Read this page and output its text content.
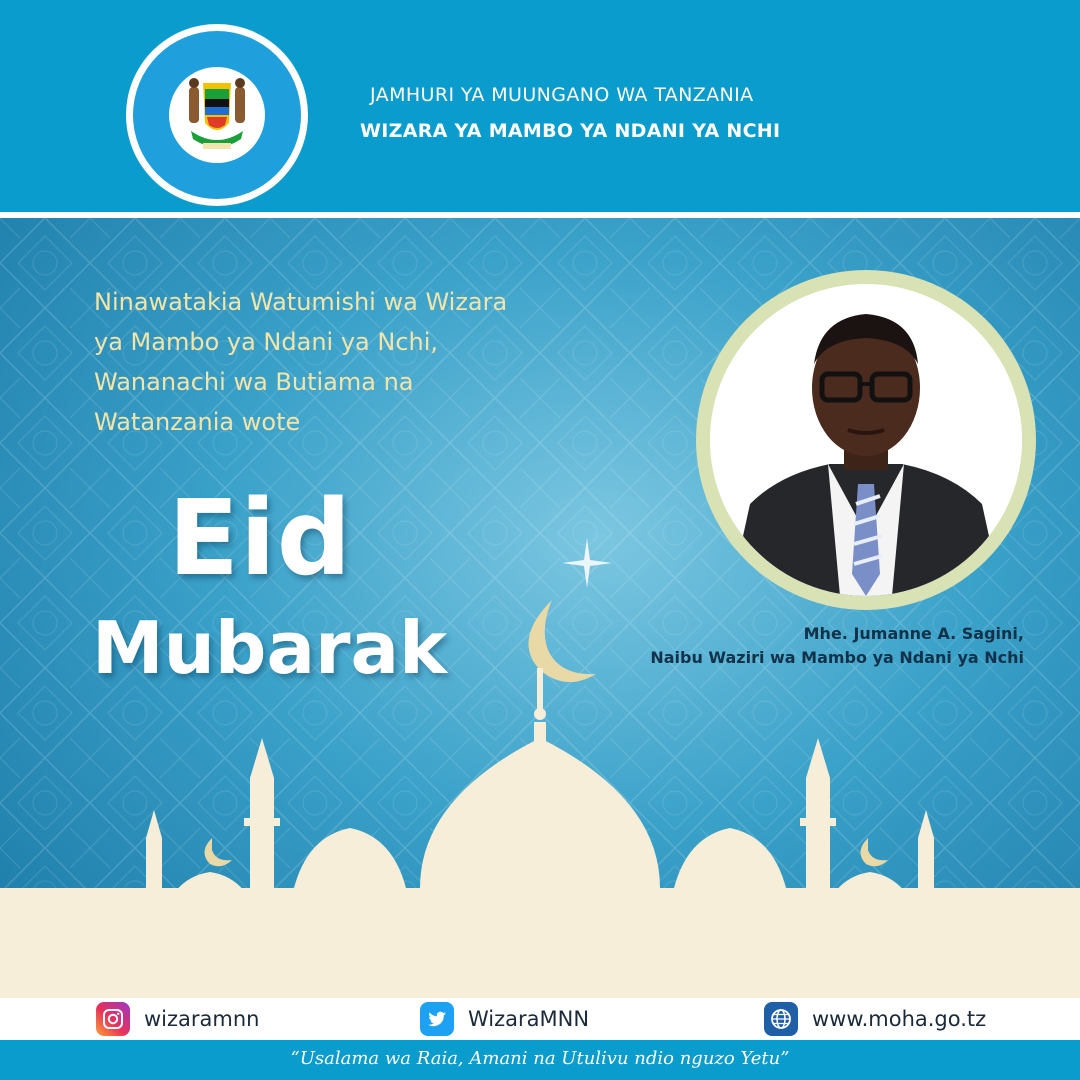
JAMHURI YA MUUNGANO WA TANZANIA
WIZARA YA MAMBO YA NDANI YA NCHI
Ninawatakia Watumishi wa Wizara
ya Mambo ya Ndani ya Nchi,
Wananachi wa Butiama na
Watanzania wote
Eid
Mubarak	Mhe. Jumanne A. Sagini,
Naibu Waziri wa Mambo ya Ndani ya Nchi
wizaramnn	WizaraMNN	www.moha.go.tz
“Usalama wa Raia, Amani na Utulivu ndio nguzo Yetu”
